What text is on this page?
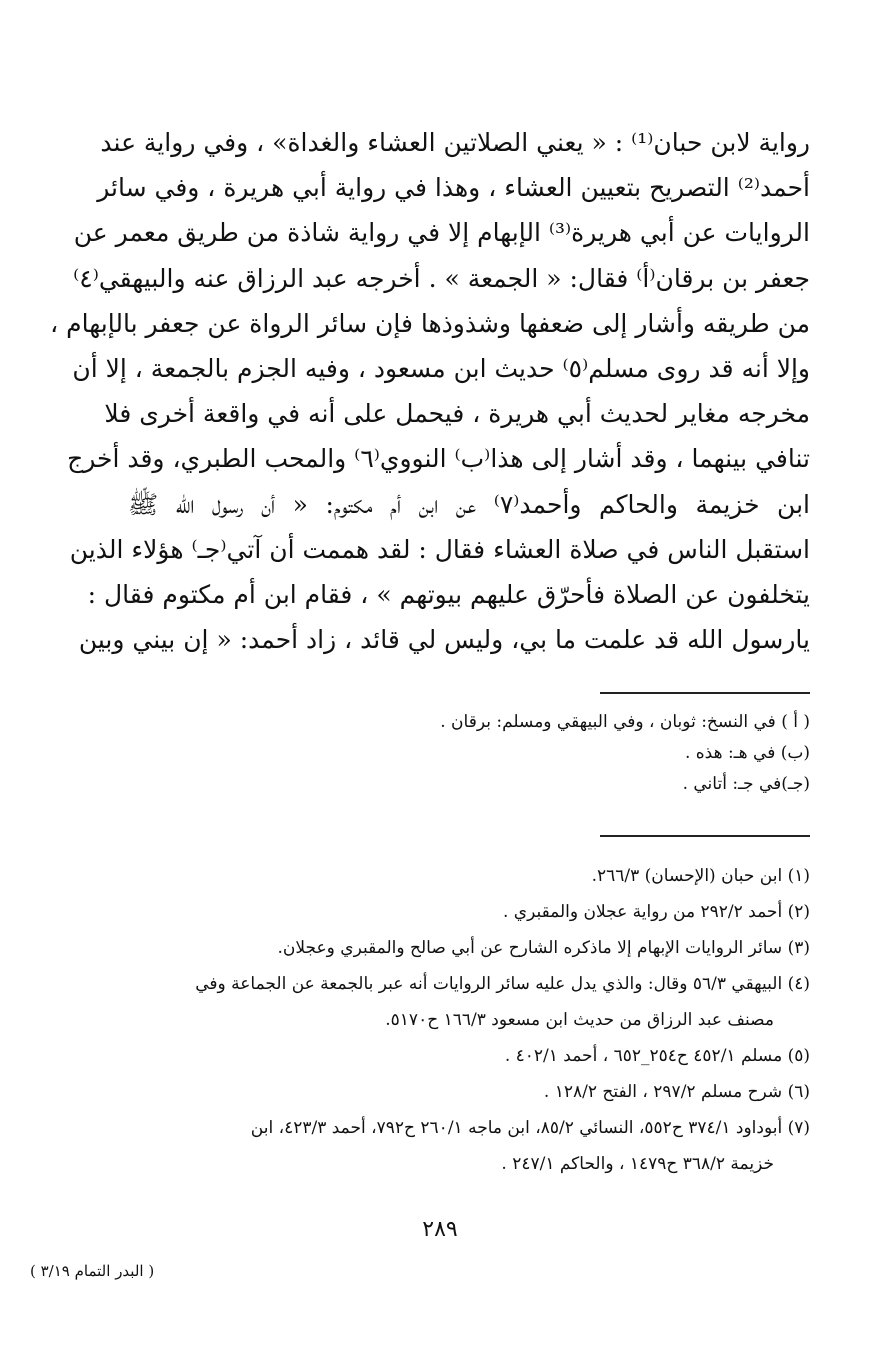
رواية لابن حبان⁽¹⁾ : « يعني الصلاتين العشاء والغداة» ، وفي رواية عند
أحمد⁽²⁾ التصريح بتعيين العشاء ، وهذا في رواية أبي هريرة ، وفي سائر
الروايات عن أبي هريرة⁽³⁾ الإبهام إلا في رواية شاذة من طريق معمر عن
جعفر بن برقان⁽أ⁾ فقال: « الجمعة » . أخرجه عبد الرزاق عنه والبيهقي⁽٤⁾
من طريقه وأشار إلى ضعفها وشذوذها فإن سائر الرواة عن جعفر بالإبهام ،
وإلا أنه قد روى مسلم⁽٥⁾ حديث ابن مسعود ، وفيه الجزم بالجمعة ، إلا أن
مخرجه مغاير لحديث أبي هريرة ، فيحمل على أنه في واقعة أخرى فلا
تنافي بينهما ، وقد أشار إلى هذا⁽ب⁾ النووي⁽٦⁾ والمحب الطبري، وقد أخرج
ابن خزيمة والحاكم وأحمد⁽٧⁾ عن ابن أم مكتوم: « أن رسول الله ﷺ
استقبل الناس في صلاة العشاء فقال : لقد هممت أن آتي⁽جـ⁾ هؤلاء الذين
يتخلفون عن الصلاة فأحرّق عليهم بيوتهم » ، فقام ابن أم مكتوم فقال :
يارسول الله قد علمت ما بي، وليس لي قائد ، زاد أحمد: « إن بيني وبين
( أ ) في النسخ: ثوبان ، وفي البيهقي ومسلم: برقان .
(ب) في هـ: هذه .
(جـ)في جـ: أتاني .
(١) ابن حبان (الإحسان) ٢٦٦/٣.
(٢) أحمد ٢٩٢/٢ من رواية عجلان والمقبري .
(٣) سائر الروايات الإبهام إلا ماذكره الشارح عن أبي صالح والمقبري وعجلان.
(٤) البيهقي ٥٦/٣ وقال: والذي يدل عليه سائر الروايات أنه عبر بالجمعة عن الجماعة وفي
مصنف عبد الرزاق من حديث ابن مسعود ١٦٦/٣ ح٥١٧٠.
(٥) مسلم ٤٥٢/١ ح٢٥٤_٦٥٢ ، أحمد ٤٠٢/١ .
(٦) شرح مسلم ٢٩٧/٢ ، الفتح ١٢٨/٢ .
(٧) أبوداود ٣٧٤/١ ح٥٥٢، النسائي ٨٥/٢، ابن ماجه ٢٦٠/١ ح٧٩٢، أحمد ٤٢٣/٣، ابن
خزيمة ٣٦٨/٢ ح١٤٧٩ ، والحاكم ٢٤٧/١ .
٢٨٩
( البدر التمام ٣/١٩ )
